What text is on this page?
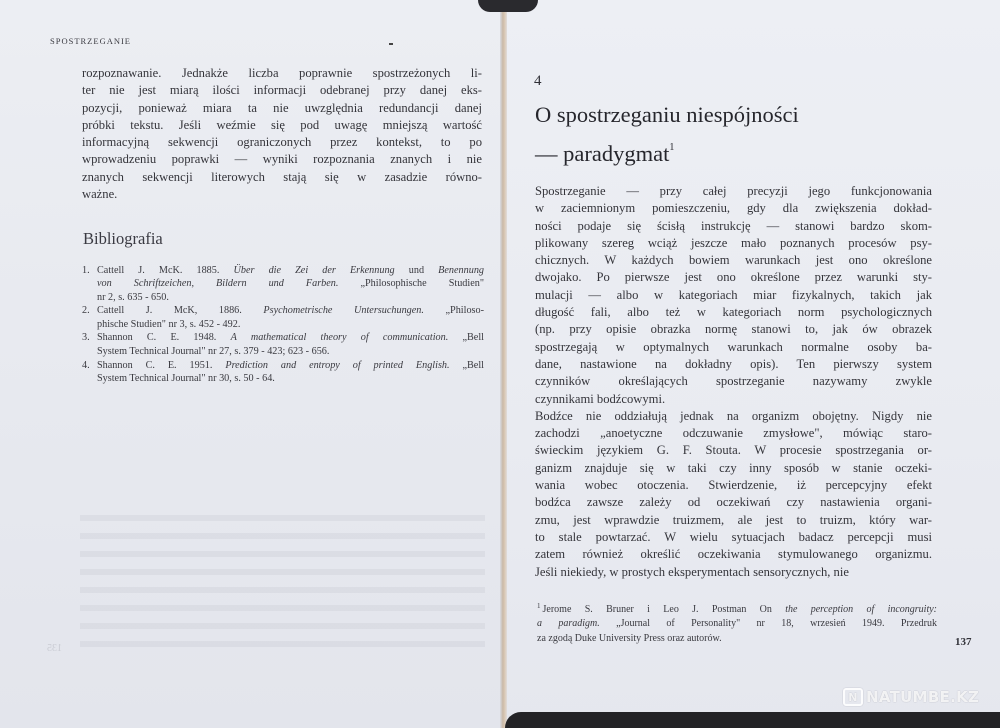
SPOSTRZEGANIE
rozpoznawanie. Jednakże liczba poprawnie spostrzeżonych li-
ter nie jest miarą ilości informacji odebranej przy danej eks-
pozycji, ponieważ miara ta nie uwzględnia redundancji danej
próbki tekstu. Jeśli weźmie się pod uwagę mniejszą wartość
informacyjną sekwencji ograniczonych przez kontekst, to po
wprowadzeniu poprawki — wyniki rozpoznania znanych i nie
znanych sekwencji literowych stają się w zasadzie równo-
ważne.
Bibliografia
1. Cattell J. McK. 1885. Über die Zei der Erkennung und Benennung
von Schriftzeichen, Bildern und Farben. „Philosophische Studien"
nr 2, s. 635 - 650.
2. Cattell J. McK, 1886. Psychometrische Untersuchungen. „Philoso-
phische Studien" nr 3, s. 452 - 492.
3. Shannon C. E. 1948. A mathematical theory of communication. „Bell
System Technical Journal" nr 27, s. 379 - 423; 623 - 656.
4. Shannon C. E. 1951. Prediction and entropy of printed English. „Bell
System Technical Journal" nr 30, s. 50 - 64.
135
4
O spostrzeganiu niespójności
— paradygmat$^1$
Spostrzeganie — przy całej precyzji jego funkcjonowania
w zaciemnionym pomieszczeniu, gdy dla zwiększenia dokład-
ności podaje się ścisłą instrukcję — stanowi bardzo skom-
plikowany szereg wciąż jeszcze mało poznanych procesów psy-
chicznych. W każdych bowiem warunkach jest ono określone
dwojako. Po pierwsze jest ono określone przez warunki sty-
mulacji — albo w kategoriach miar fizykalnych, takich jak
długość fali, albo też w kategoriach norm psychologicznych
(np. przy opisie obrazka normę stanowi to, jak ów obrazek
spostrzegają w optymalnych warunkach normalne osoby ba-
dane, nastawione na dokładny opis). Ten pierwszy system
czynników określających spostrzeganie nazywamy zwykle
czynnikami bodźcowymi.
Bodźce nie oddziałują jednak na organizm obojętny. Nigdy nie
zachodzi „anoetyczne odczuwanie zmysłowe", mówiąc staro-
świeckim językiem G. F. Stouta. W procesie spostrzegania or-
ganizm znajduje się w taki czy inny sposób w stanie oczeki-
wania wobec otoczenia. Stwierdzenie, iż percepcyjny efekt
bodźca zawsze zależy od oczekiwań czy nastawienia organi-
zmu, jest wprawdzie truizmem, ale jest to truizm, który war-
to stale powtarzać. W wielu sytuacjach badacz percepcji musi
zatem również określić oczekiwania stymulowanego organizmu.
Jeśli niekiedy, w prostych eksperymentach sensorycznych, nie
$^1$ Jerome S. Bruner i Leo J. Postman On the perception of incongruity:
a paradigm. „Journal of Personality" nr 18, wrzesień 1949. Przedruk
za zgodą Duke University Press oraz autorów.	137
N NATUMBE.KZ
